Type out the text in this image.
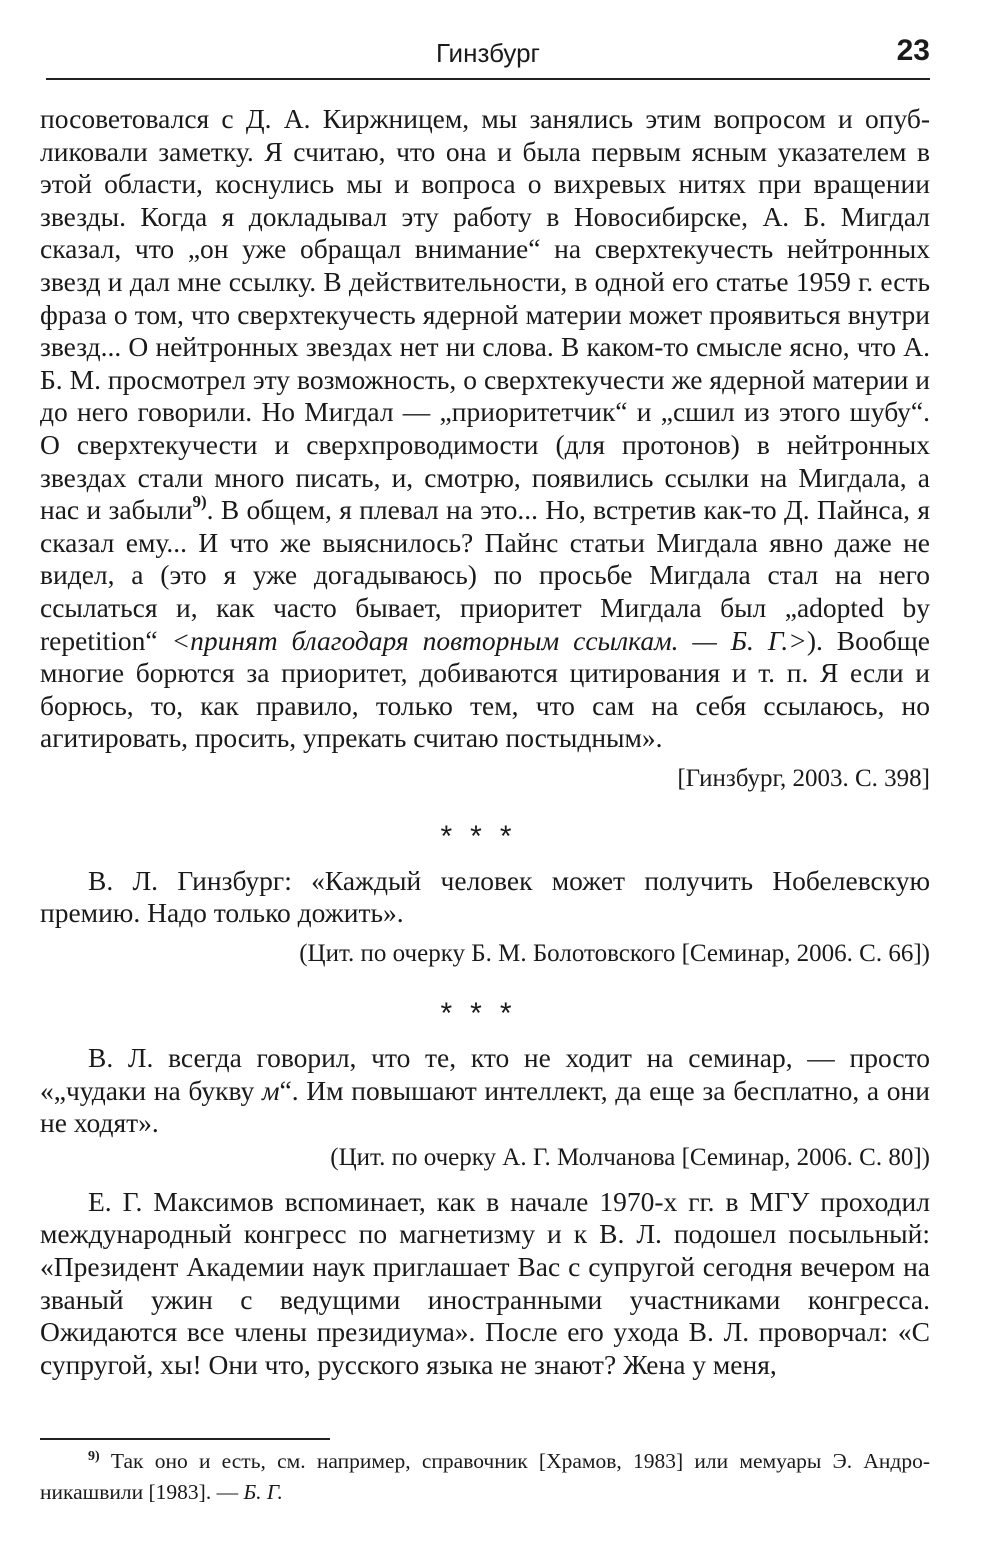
Гинзбург	23

посоветовался с Д. А. Киржницем, мы занялись этим вопросом и опубликовали заметку. Я считаю, что она и была первым ясным указателем в этой области, коснулись мы и вопроса о вихревых нитях при вращении звезды. Когда я докладывал эту работу в Новосибирске, А. Б. Мигдал сказал, что „он уже обращал внимание“ на сверхтекучесть нейтронных звезд и дал мне ссылку. В действительности, в одной его статье 1959 г. есть фраза о том, что сверхтекучесть ядерной материи может проявиться внутри звезд... О нейтронных звездах нет ни слова. В каком-то смысле ясно, что А. Б. М. просмотрел эту возможность, о сверхтекучести же ядерной материи и до него говорили. Но Мигдал — „приоритетчик“ и „сшил из этого шубу“. О сверхтекучести и сверхпроводимости (для протонов) в нейтронных звездах стали много писать, и, смотрю, появились ссылки на Мигдала, а нас и забыли$^{9)}$. В общем, я плевал на это... Но, встретив как-то Д. Пайнса, я сказал ему... И что же выяснилось? Пайнс статьи Мигдала явно даже не видел, а (это я уже догадываюсь) по просьбе Мигдала стал на него ссылаться и, как часто бывает, приоритет Мигдала был „adopted by repetition“ <принят благодаря повторным ссылкам. — Б. Г.>). Вообще многие борются за приоритет, добиваются цитирования и т. п. Я если и борюсь, то, как правило, только тем, что сам на себя ссылаюсь, но агитировать, просить, упрекать считаю постыдным».

[Гинзбург, 2003. С. 398]

***

В. Л. Гинзбург: «Каждый человек может получить Нобелевскую премию. Надо только дожить».

(Цит. по очерку Б. М. Болотовского [Семинар, 2006. С. 66])

***

В. Л. всегда говорил, что те, кто не ходит на семинар, — просто «„чудаки на букву м“. Им повышают интеллект, да еще за бесплатно, а они не ходят».

(Цит. по очерку А. Г. Молчанова [Семинар, 2006. С. 80])

Е. Г. Максимов вспоминает, как в начале 1970-х гг. в МГУ проходил международный конгресс по магнетизму и к В. Л. подошел посыльный: «Президент Академии наук приглашает Вас с супругой сегодня вечером на званый ужин с ведущими иностранными участниками конгресса. Ожидаются все члены президиума». После его ухода В. Л. проворчал: «С супругой, хы! Они что, русского языка не знают? Жена у меня,

$^{9)}$ Так оно и есть, см. например, справочник [Храмов, 1983] или мемуары Э. Андроникашвили [1983]. — Б. Г.
